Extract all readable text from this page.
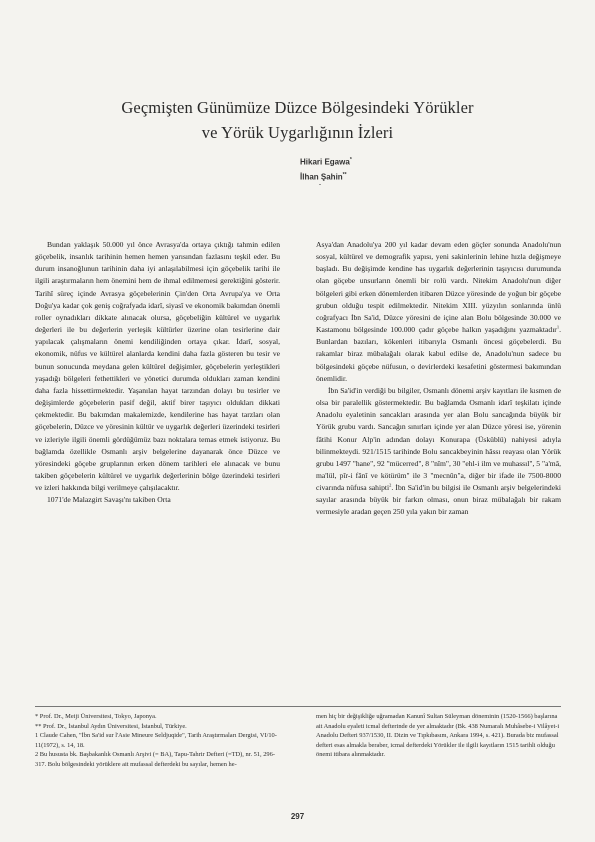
Geçmişten Günümüze Düzce Bölgesindeki Yörükler
ve Yörük Uygarlığının İzleri
Hikari Egawa*
İlhan Şahin**

Bundan yaklaşık 50.000 yıl önce Avrasya'da ortaya çıktığı tahmin edilen göçebelik, insanlık tarihinin hemen hemen yarısından fazlasını teşkil eder. Bu durum insanoğlunun tarihinin daha iyi anlaşılabilmesi için göçebelik tarihi ile ilgili araştırmaların hem önemini hem de ihmal edilmemesi gerektiğini gösterir. Tarihî süreç içinde Avrasya göçebelerinin Çin'den Orta Avrupa'ya ve Orta Doğu'ya kadar çok geniş coğrafyada idarî, siyasî ve ekonomik bakımdan önemli roller oynadıkları dikkate alınacak olursa, göçebeliğin kültürel ve uygarlık değerleri ile bu değerlerin yerleşik kültürler üzerine olan tesirlerine dair yapılacak çalışmaların önemi kendiliğinden ortaya çıkar. İdarî, sosyal, ekonomik, nüfus ve kültürel alanlarda kendini daha fazla gösteren bu tesir ve bunun sonucunda meydana gelen kültürel değişimler, göçebelerin yerleştikleri yaşadığı bölgeleri fethettikleri ve yönetici durumda oldukları zaman kendini daha fazla hissettirmektedir. Yaşanılan hayat tarzından dolayı bu tesirler ve değişimlerde göçebelerin pasif değil, aktif birer taşıyıcı oldukları dikkati çekmektedir. Bu bakımdan makalemizde, kendilerine has hayat tarzları olan göçebelerin, Düzce ve yöresinin kültür ve uygarlık değerleri üzerindeki tesirleri ve izleriyle ilgili önemli gördüğümüz bazı noktalara temas etmek istiyoruz. Bu bağlamda özellikle Osmanlı arşiv belgelerine dayanarak önce Düzce ve yöresindeki göçebe gruplarının erken dönem tarihleri ele alınacak ve bunu takiben göçebelerin kültürel ve uygarlık değerlerinin bölge üzerindeki tesirleri ve izleri hakkında bilgi verilmeye çalışılacaktır.

1071'de Malazgirt Savaşı'nı takiben Orta

Asya'dan Anadolu'ya 200 yıl kadar devam eden göçler sonunda Anadolu'nun sosyal, kültürel ve demografik yapısı, yeni sakinlerinin lehine hızla değişmeye başladı. Bu değişimde kendine has uygarlık değerlerinin taşıyıcısı durumunda olan göçebe unsurların önemli bir rolü vardı. Nitekim Anadolu'nun diğer bölgeleri gibi erken dönemlerden itibaren Düzce yöresinde de yoğun bir göçebe grubun olduğu tespit edilmektedir. Nitekim XIII. yüzyılın sonlarında ünlü coğrafyacı İbn Sa'id, Düzce yöresini de içine alan Bolu bölgesinde 30.000 ve Kastamonu bölgesinde 100.000 çadır göçebe halkın yaşadığını yazmaktadır$^1$. Bunlardan bazıları, kökenleri itibarıyla Osmanlı öncesi göçebelerdi. Bu rakamlar biraz mübalağalı olarak kabul edilse de, Anadolu'nun sadece bu bölgesindeki göçebe nüfusun, o devirlerdeki kesafetini göstermesi bakımından önemlidir.

İbn Sa'id'in verdiği bu bilgiler, Osmanlı dönemi arşiv kayıtları ile kısmen de olsa bir paralellik göstermektedir. Bu bağlamda Osmanlı idarî teşkilatı içinde Anadolu eyaletinin sancakları arasında yer alan Bolu sancağında büyük bir Yörük grubu vardı. Sancağın sınırları içinde yer alan Düzce yöresi ise, yörenin fâtihi Konur Alp'in adından dolayı Konurapa (Üsküblü) nahiyesi adıyla bilinmekteydi. 921/1515 tarihinde Bolu sancakbeyinin hâssı reayası olan Yörük grubu 1497 "hane", 92 "mücerred", 8 "nîm", 30 "ehl-i ilm ve muhassıl", 5 "a'mâ, ma'lül, pîr-i fânî ve kötürüm" ile 3 "mecnûn"a, diğer bir ifade ile 7500-8000 civarında nüfusa sahipti$^2$. İbn Sa'id'in bu bilgisi ile Osmanlı arşiv belgelerindeki sayılar arasında büyük bir farkın olması, onun biraz mübalağalı bir rakam vermesiyle aradan geçen 250 yıla yakın bir zaman

* Prof. Dr., Meiji Üniversitesi, Tokyo, Japonya.

** Prof. Dr., İstanbul Aydın Üniversitesi, İstanbul, Türkiye.

1 Claude Cahen, "İbn Sa'id sur l'Asie Mineure Seldjuqide", Tarih Araştırmaları Dergisi, VI/10-11(1972), s. 14, 18.

2 Bu hususta bk. Başbakanlık Osmanlı Arşivi (= BA), Tapu-Tahrir Defteri (=TD), nr. 51, 296-317. Bolu bölgesindeki yörüklere ait mufassal defterdeki bu sayılar, hemen he-

men hiç bir değişikliğe uğramadan Kanunî Sultan Süleyman döneminin (1520-1566) başlarına ait Anadolu eyaleti icmal defterinde de yer almaktadır (Bk. 438 Numaralı Muhâsebe-i Vilâyet-i Anadolu Defteri 937/1530, II. Dizin ve Tıpkıbasım, Ankara 1994, s. 421). Burada biz mufassal defteri esas almakla beraber, icmal defterdeki Yörükler ile ilgili kayıtların 1515 tarihli olduğu önemi itibara alınmaktadır.

297
